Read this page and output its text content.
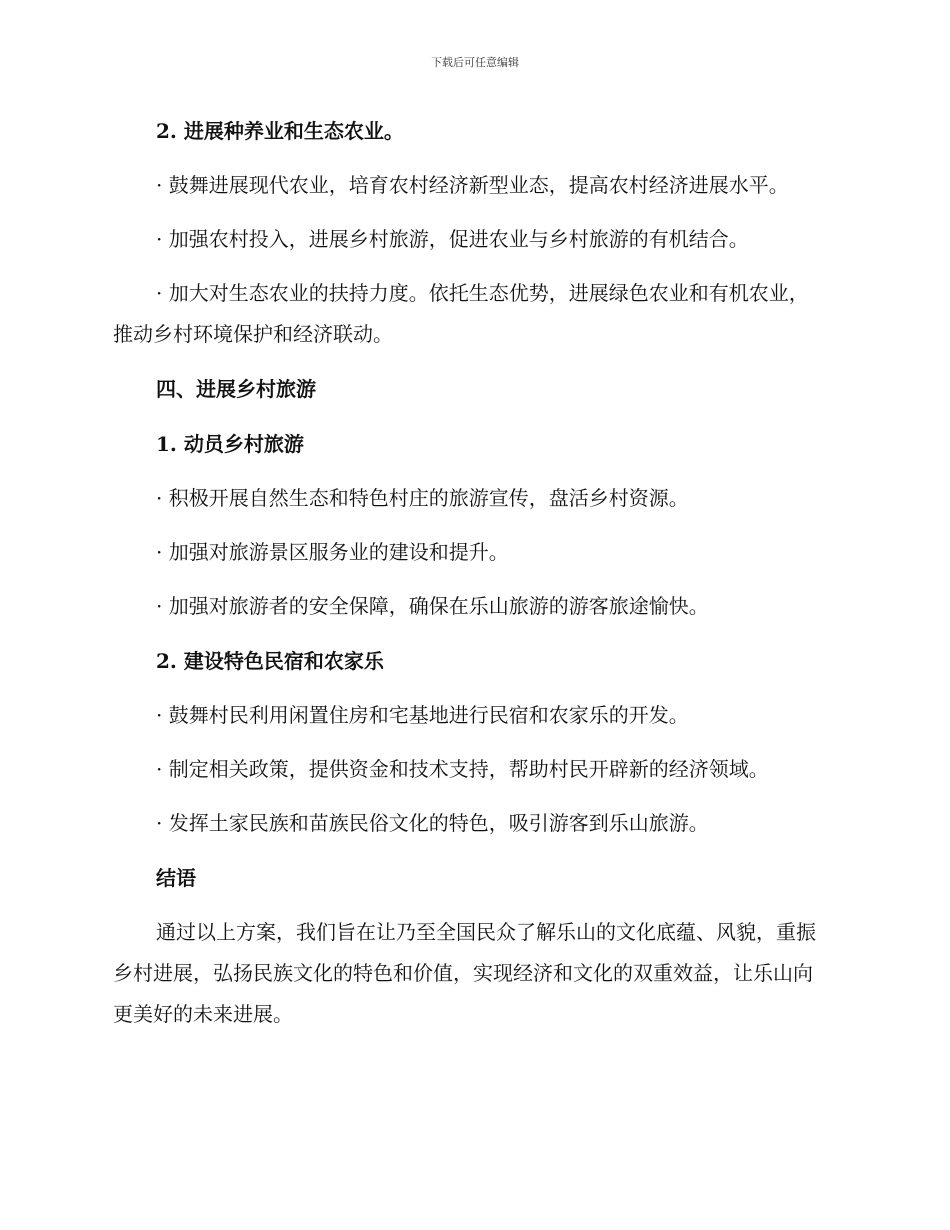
下载后可任意编辑
2. 进展种养业和生态农业。
· 鼓舞进展现代农业，培育农村经济新型业态，提高农村经济进展水平。
· 加强农村投入，进展乡村旅游，促进农业与乡村旅游的有机结合。
· 加大对生态农业的扶持力度。依托生态优势，进展绿色农业和有机农业，推动乡村环境保护和经济联动。
四、进展乡村旅游
1. 动员乡村旅游
· 积极开展自然生态和特色村庄的旅游宣传，盘活乡村资源。
· 加强对旅游景区服务业的建设和提升。
· 加强对旅游者的安全保障，确保在乐山旅游的游客旅途愉快。
2. 建设特色民宿和农家乐
· 鼓舞村民利用闲置住房和宅基地进行民宿和农家乐的开发。
· 制定相关政策，提供资金和技术支持，帮助村民开辟新的经济领域。
· 发挥土家民族和苗族民俗文化的特色，吸引游客到乐山旅游。
结语
通过以上方案，我们旨在让乃至全国民众了解乐山的文化底蕴、风貌，重振乡村进展，弘扬民族文化的特色和价值，实现经济和文化的双重效益，让乐山向更美好的未来进展。
